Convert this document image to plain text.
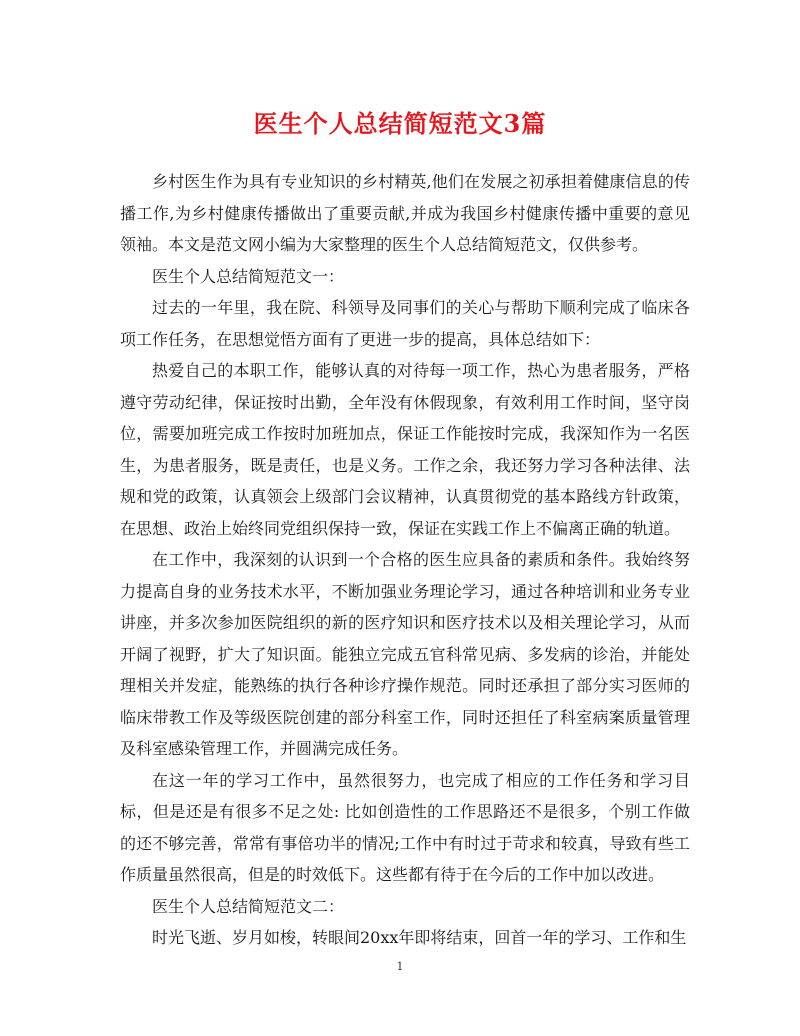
医生个人总结简短范文3篇

乡村医生作为具有专业知识的乡村精英,他们在发展之初承担着健康信息的传播工作,为乡村健康传播做出了重要贡献,并成为我国乡村健康传播中重要的意见领袖。本文是范文网小编为大家整理的医生个人总结简短范文，仅供参考。

医生个人总结简短范文一：

过去的一年里，我在院、科领导及同事们的关心与帮助下顺利完成了临床各项工作任务，在思想觉悟方面有了更进一步的提高，具体总结如下：

热爱自己的本职工作，能够认真的对待每一项工作，热心为患者服务，严格遵守劳动纪律，保证按时出勤，全年没有休假现象，有效利用工作时间，坚守岗位，需要加班完成工作按时加班加点，保证工作能按时完成，我深知作为一名医生，为患者服务，既是责任，也是义务。工作之余，我还努力学习各种法律、法规和党的政策，认真领会上级部门会议精神，认真贯彻党的基本路线方针政策，在思想、政治上始终同党组织保持一致，保证在实践工作上不偏离正确的轨道。

在工作中，我深刻的认识到一个合格的医生应具备的素质和条件。我始终努力提高自身的业务技术水平，不断加强业务理论学习，通过各种培训和业务专业讲座，并多次参加医院组织的新的医疗知识和医疗技术以及相关理论学习，从而开阔了视野，扩大了知识面。能独立完成五官科常见病、多发病的诊治，并能处理相关并发症，能熟练的执行各种诊疗操作规范。同时还承担了部分实习医师的临床带教工作及等级医院创建的部分科室工作，同时还担任了科室病案质量管理及科室感染管理工作，并圆满完成任务。

在这一年的学习工作中，虽然很努力，也完成了相应的工作任务和学习目标，但是还是有很多不足之处: 比如创造性的工作思路还不是很多，个别工作做的还不够完善，常常有事倍功半的情况;工作中有时过于苛求和较真，导致有些工作质量虽然很高，但是的时效低下。这些都有待于在今后的工作中加以改进。

医生个人总结简短范文二：

时光飞逝、岁月如梭，转眼间20xx年即将结束，回首一年的学习、工作和生

1
